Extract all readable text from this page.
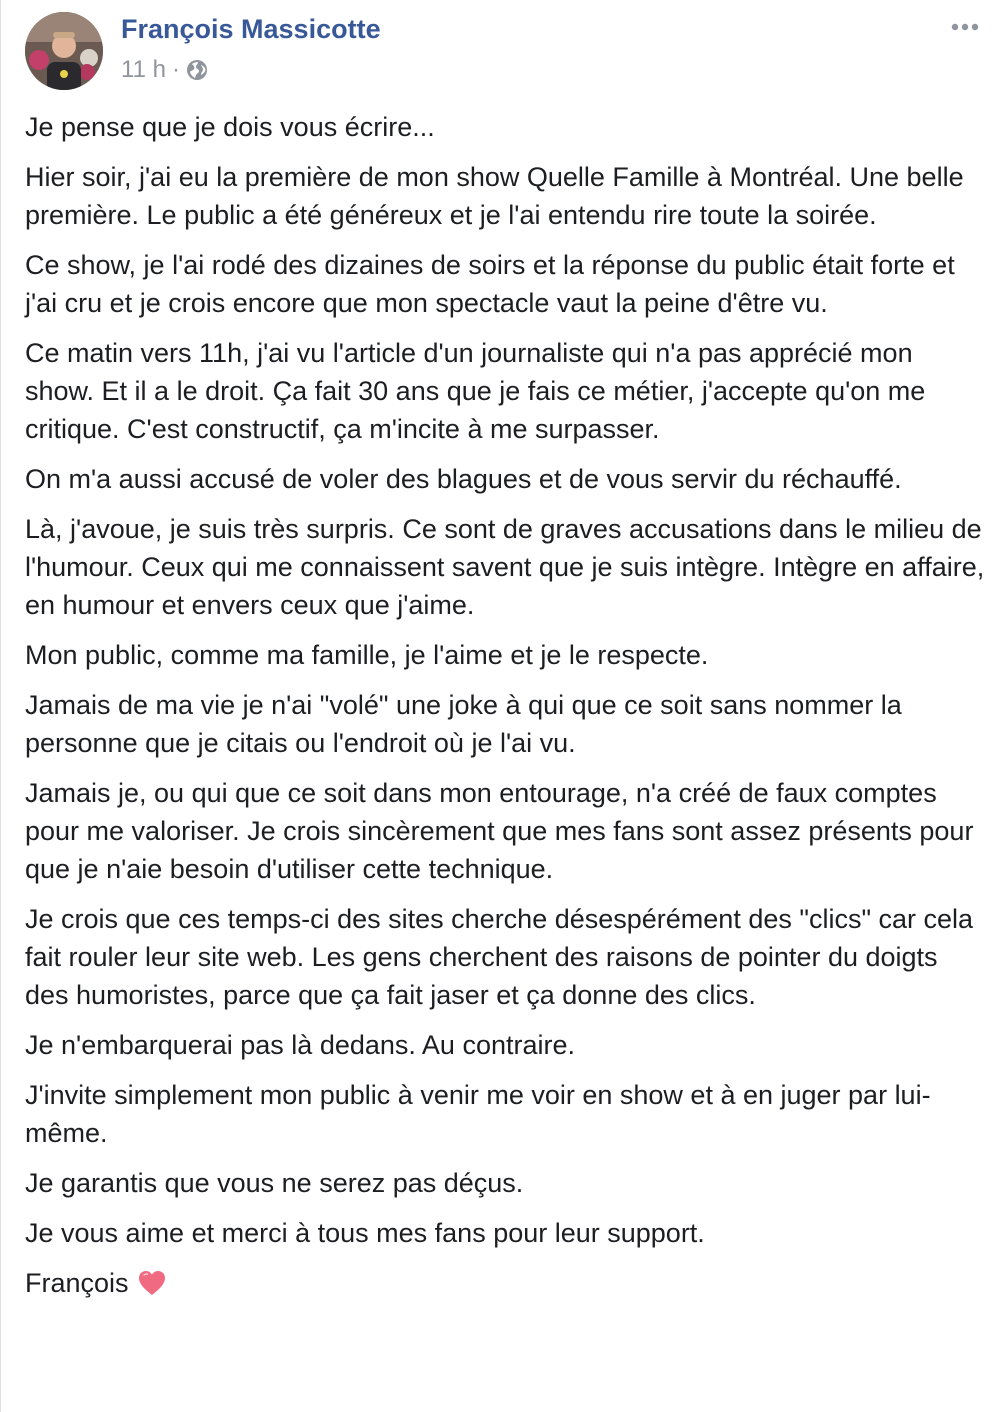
François Massicotte
11 h ·

Je pense que je dois vous écrire...

Hier soir, j'ai eu la première de mon show Quelle Famille à Montréal. Une belle première. Le public a été généreux et je l'ai entendu rire toute la soirée.

Ce show, je l'ai rodé des dizaines de soirs et la réponse du public était forte et j'ai cru et je crois encore que mon spectacle vaut la peine d'être vu.

Ce matin vers 11h, j'ai vu l'article d'un journaliste qui n'a pas apprécié mon show. Et il a le droit. Ça fait 30 ans que je fais ce métier, j'accepte qu'on me critique. C'est constructif, ça m'incite à me surpasser.

On m'a aussi accusé de voler des blagues et de vous servir du réchauffé.

Là, j'avoue, je suis très surpris. Ce sont de graves accusations dans le milieu de l'humour. Ceux qui me connaissent savent que je suis intègre. Intègre en affaire, en humour et envers ceux que j'aime.

Mon public, comme ma famille, je l'aime et je le respecte.

Jamais de ma vie je n'ai "volé" une joke à qui que ce soit sans nommer la personne que je citais ou l'endroit où je l'ai vu.

Jamais je, ou qui que ce soit dans mon entourage, n'a créé de faux comptes pour me valoriser. Je crois sincèrement que mes fans sont assez présents pour que je n'aie besoin d'utiliser cette technique.

Je crois que ces temps-ci des sites cherche désespérément des "clics" car cela fait rouler leur site web. Les gens cherchent des raisons de pointer du doigts des humoristes, parce que ça fait jaser et ça donne des clics.

Je n'embarquerai pas là dedans. Au contraire.

J'invite simplement mon public à venir me voir en show et à en juger par lui-même.

Je garantis que vous ne serez pas déçus.

Je vous aime et merci à tous mes fans pour leur support.

François
